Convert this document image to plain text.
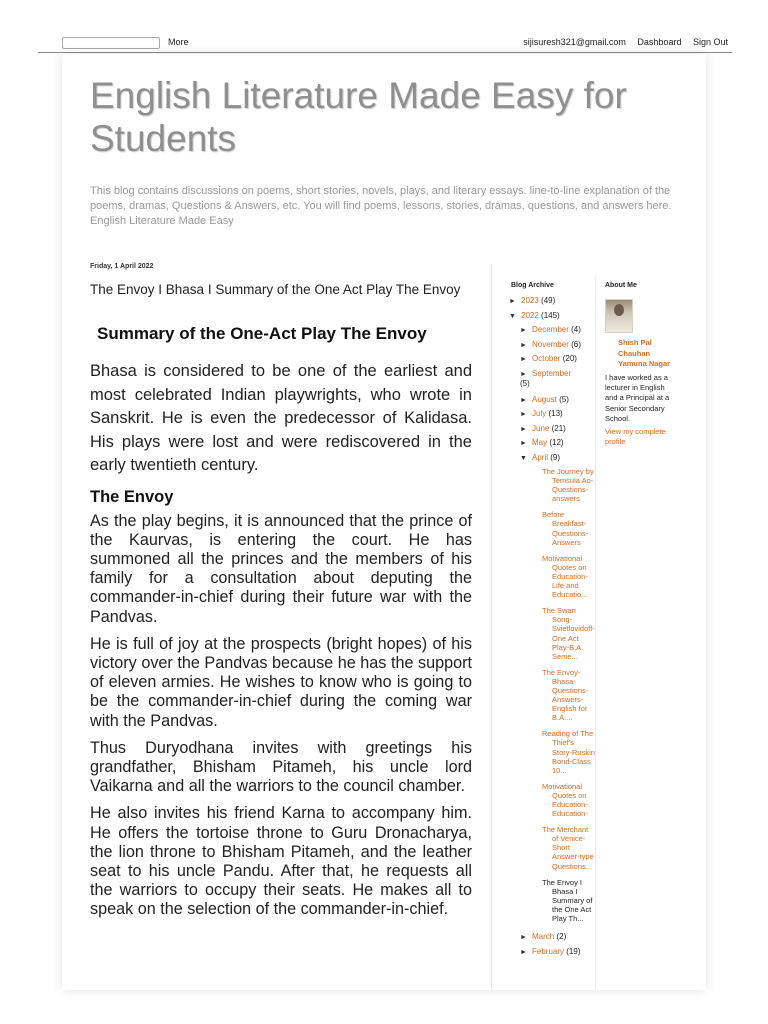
More	sijisuresh321@gmail.com Dashboard Sign Out
English Literature Made Easy for Students

This blog contains discussions on poems, short stories, novels, plays, and literary essays. line-to-line explanation of the poems, dramas, Questions & Answers, etc. You will find poems, lessons, stories, dramas, questions, and answers here. English Literature Made Easy

Friday, 1 April 2022
The Envoy I Bhasa I Summary of the One Act Play The Envoy
Summary of the One-Act Play The Envoy

Bhasa is considered to be one of the earliest and most celebrated Indian playwrights, who wrote in Sanskrit. He is even the predecessor of Kalidasa. His plays were lost and were rediscovered in the early twentieth century.

The Envoy

As the play begins, it is announced that the prince of the Kaurvas, is entering the court. He has summoned all the princes and the members of his family for a consultation about deputing the commander-in-chief during their future war with the Pandvas.

He is full of joy at the prospects (bright hopes) of his victory over the Pandvas because he has the support of eleven armies. He wishes to know who is going to be the commander-in-chief during the coming war with the Pandvas.

Thus Duryodhana invites with greetings his grandfather, Bhisham Pitameh, his uncle lord Vaikarna and all the warriors to the council chamber.

He also invites his friend Karna to accompany him. He offers the tortoise throne to Guru Dronacharya, the lion throne to Bhisham Pitameh, and the leather seat to his uncle Pandu. After that, he requests all the warriors to occupy their seats. He makes all to speak on the selection of the commander-in-chief.

Blog Archive
► 2023 (49)
▼ 2022 (145)
► December (4)
► November (6)
► October (20)
► September
(5)
► August (5)
► July (13)
► June (21)
► May (12)
▼ April (9)
The Journey by Temsula Ao-Questions-answers
Before Breakfast-Questions-Answers
Motivational Quotes on Education-Life and Educatio...
The Swan Song-Svietlovidoff-One Act Play-B.A. Seme...
The Envoy-Bhasa-Questions-Answers-English for B.A....
Reading of The Thief's Story-Ruskin Bond-Class 10...
Motivational Quotes on Education-Education-
The Merchant of Venice-Short Answer-type Questions...
The Envoy I Bhasa I Summary of the One Act Play Th...
► March (2)
► February (19)
About Me
Shish Pal Chauhan Yamuna Nagar
I have worked as a lecturer in English and a Principal at a Senior Secondary School.
View my complete profile
